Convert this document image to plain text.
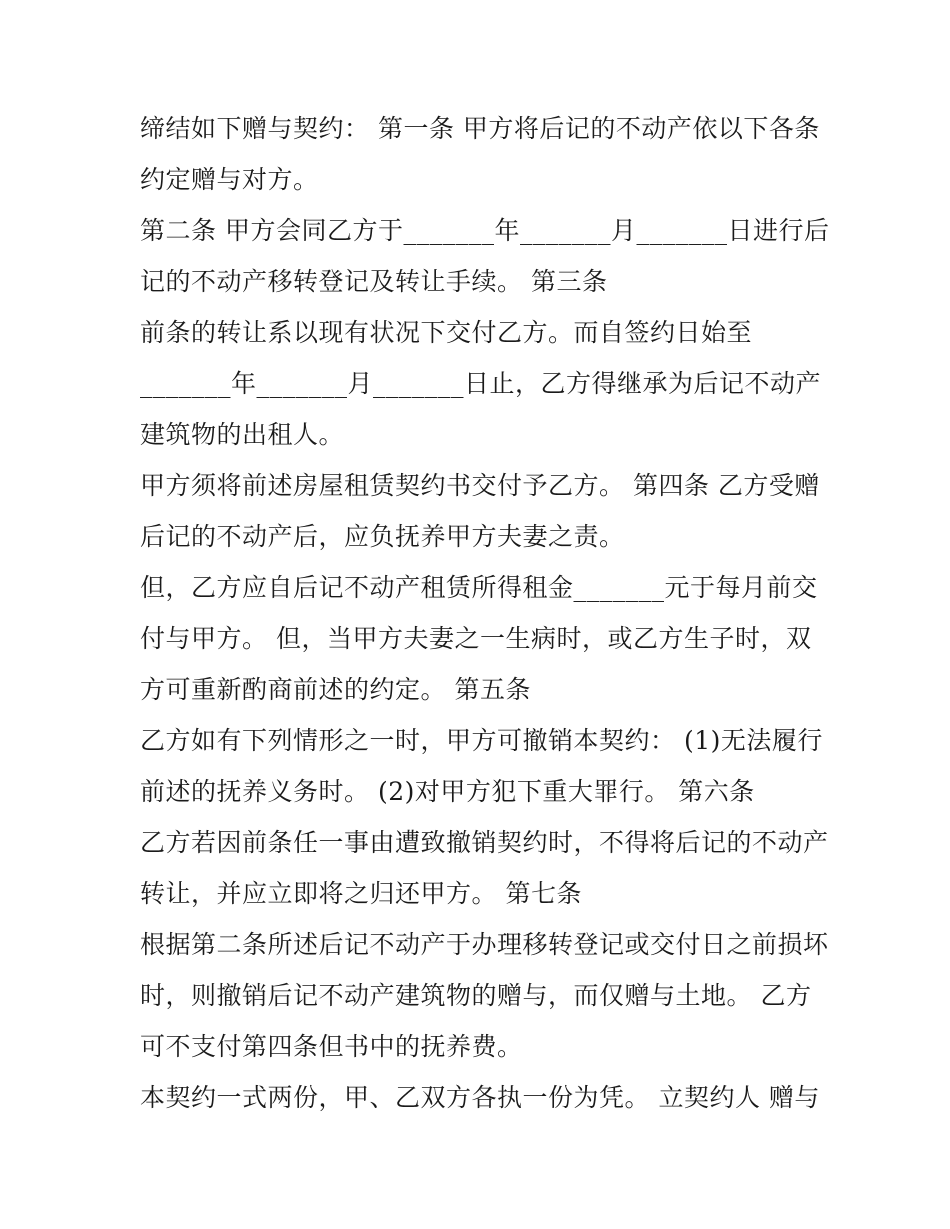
缔结如下赠与契约： 第一条 甲方将后记的不动产依以下各条
约定赠与对方。
第二条 甲方会同乙方于_______年_______月_______日进行后
记的不动产移转登记及转让手续。 第三条
前条的转让系以现有状况下交付乙方。而自签约日始至
_______年_______月_______日止，乙方得继承为后记不动产
建筑物的出租人。
甲方须将前述房屋租赁契约书交付予乙方。 第四条 乙方受赠
后记的不动产后，应负抚养甲方夫妻之责。
但，乙方应自后记不动产租赁所得租金_______元于每月前交
付与甲方。 但，当甲方夫妻之一生病时，或乙方生子时，双
方可重新酌商前述的约定。 第五条
乙方如有下列情形之一时，甲方可撤销本契约： (1)无法履行
前述的抚养义务时。 (2)对甲方犯下重大罪行。 第六条
乙方若因前条任一事由遭致撤销契约时，不得将后记的不动产
转让，并应立即将之归还甲方。 第七条
根据第二条所述后记不动产于办理移转登记或交付日之前损坏
时，则撤销后记不动产建筑物的赠与，而仅赠与土地。 乙方
可不支付第四条但书中的抚养费。
本契约一式两份，甲、乙双方各执一份为凭。 立契约人 赠与
